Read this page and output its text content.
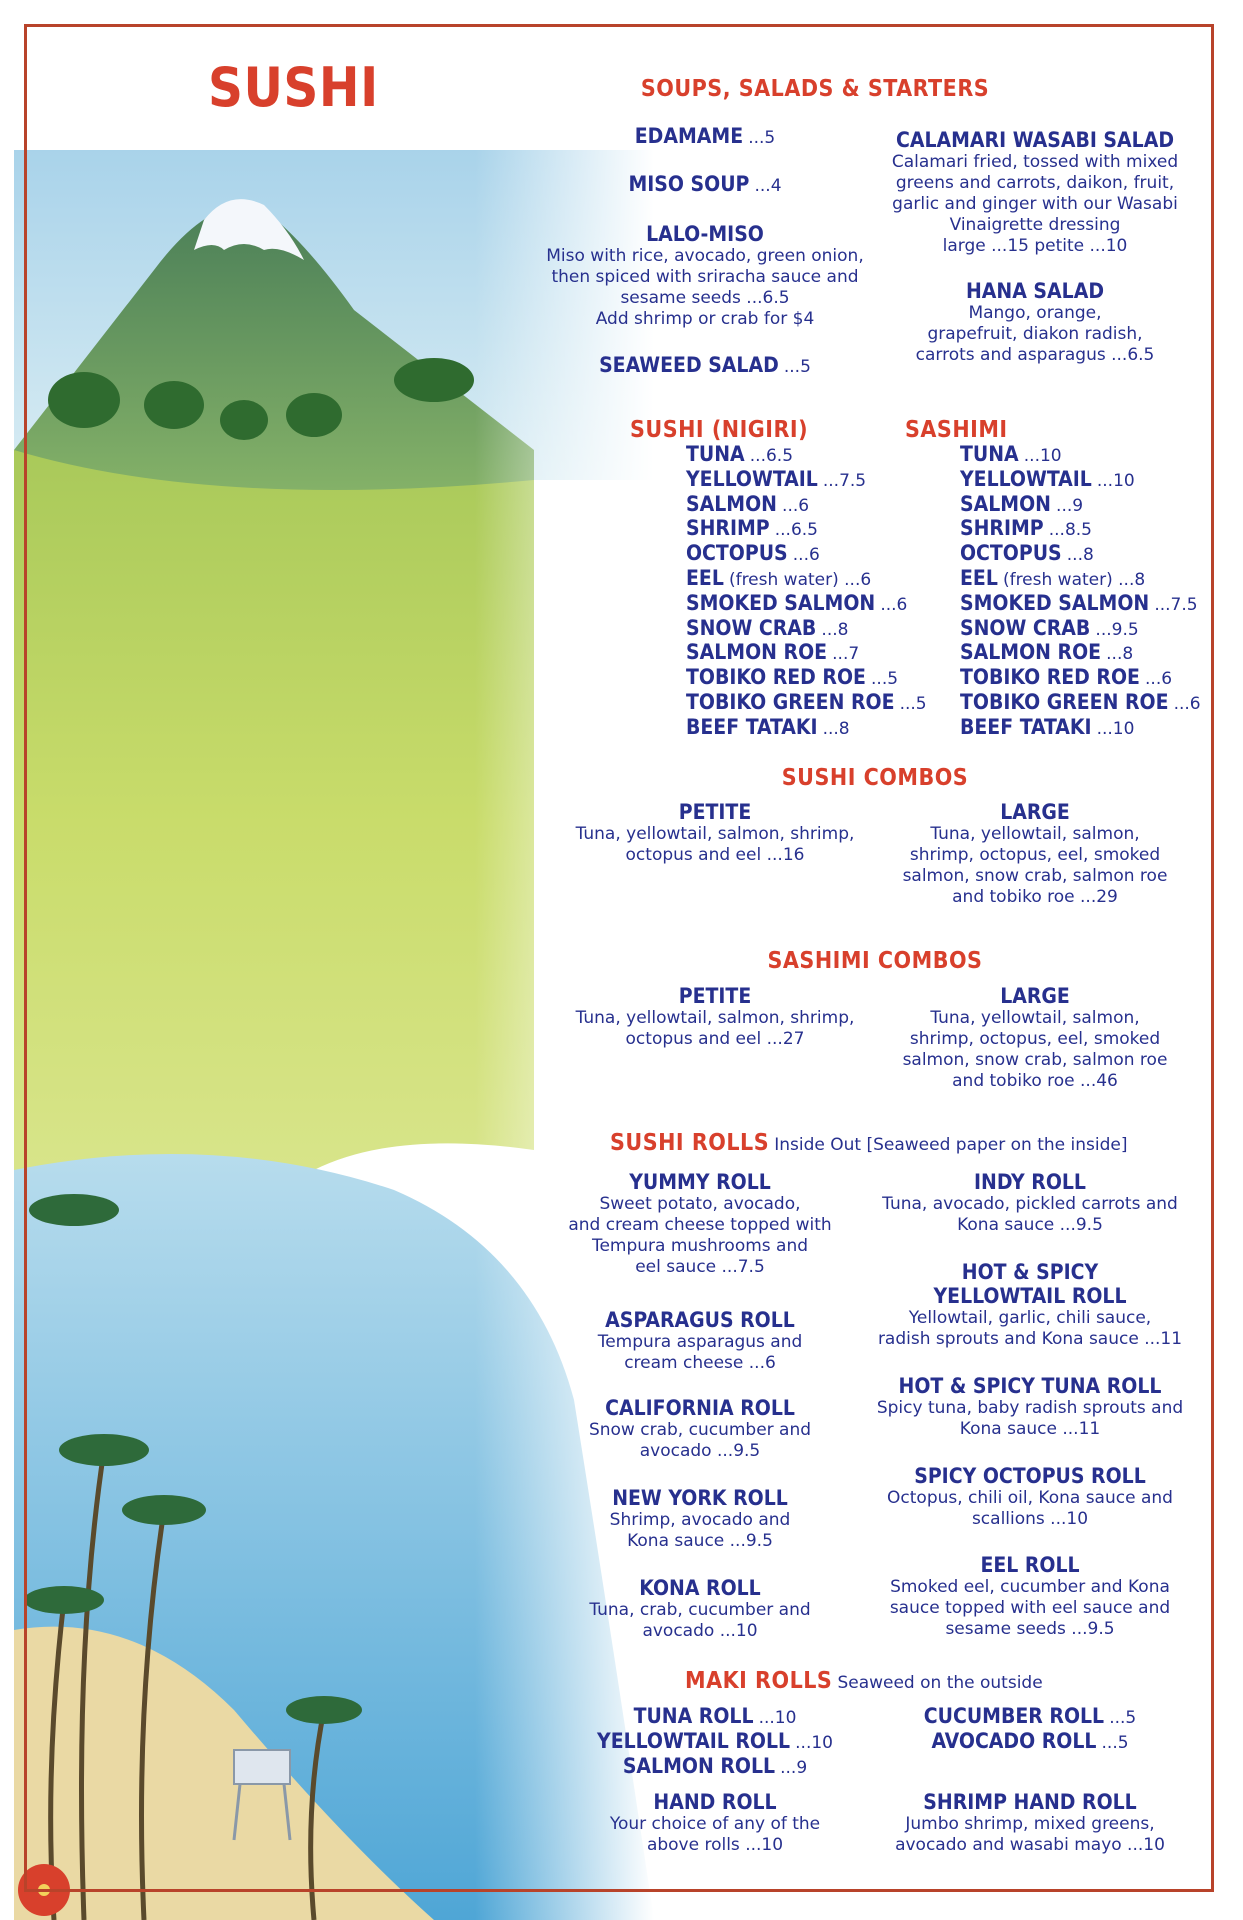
SUSHI	SOUPS, SALADS & STARTERS
EDAMAME ...5
MISO SOUP ...4
LALO-MISO
Miso with rice, avocado, green onion,
then spiced with sriracha sauce and
sesame seeds ...6.5
Add shrimp or crab for $4
SEAWEED SALAD ...5
CALAMARI WASABI SALAD
Calamari fried, tossed with mixed
greens and carrots, daikon, fruit,
garlic and ginger with our Wasabi
Vinaigrette dressing
large ...15 petite ...10
HANA SALAD
Mango, orange,
grapefruit, diakon radish,
carrots and asparagus ...6.5
SUSHI (NIGIRI)
TUNA ...6.5
YELLOWTAIL ...7.5
SALMON ...6
SHRIMP ...6.5
OCTOPUS ...6
EEL (fresh water) ...6
SMOKED SALMON ...6
SNOW CRAB ...8
SALMON ROE ...7
TOBIKO RED ROE ...5
TOBIKO GREEN ROE ...5
BEEF TATAKI ...8
SASHIMI
TUNA ...10
YELLOWTAIL ...10
SALMON ...9
SHRIMP ...8.5
OCTOPUS ...8
EEL (fresh water) ...8
SMOKED SALMON ...7.5
SNOW CRAB ...9.5
SALMON ROE ...8
TOBIKO RED ROE ...6
TOBIKO GREEN ROE ...6
BEEF TATAKI ...10
SUSHI COMBOS
PETITE
Tuna, yellowtail, salmon, shrimp,
octopus and eel ...16
LARGE
Tuna, yellowtail, salmon,
shrimp, octopus, eel, smoked
salmon, snow crab, salmon roe
and tobiko roe ...29
SASHIMI COMBOS
PETITE
Tuna, yellowtail, salmon, shrimp,
octopus and eel ...27
LARGE
Tuna, yellowtail, salmon,
shrimp, octopus, eel, smoked
salmon, snow crab, salmon roe
and tobiko roe ...46
SUSHI ROLLS Inside Out [Seaweed paper on the inside]
YUMMY ROLL
Sweet potato, avocado,
and cream cheese topped with
Tempura mushrooms and
eel sauce ...7.5
ASPARAGUS ROLL
Tempura asparagus and
cream cheese ...6
CALIFORNIA ROLL
Snow crab, cucumber and
avocado ...9.5
NEW YORK ROLL
Shrimp, avocado and
Kona sauce ...9.5
KONA ROLL
Tuna, crab, cucumber and
avocado ...10
INDY ROLL
Tuna, avocado, pickled carrots and
Kona sauce ...9.5
HOT & SPICY
YELLOWTAIL ROLL
Yellowtail, garlic, chili sauce,
radish sprouts and Kona sauce ...11
HOT & SPICY TUNA ROLL
Spicy tuna, baby radish sprouts and
Kona sauce ...11
SPICY OCTOPUS ROLL
Octopus, chili oil, Kona sauce and
scallions ...10
EEL ROLL
Smoked eel, cucumber and Kona
sauce topped with eel sauce and
sesame seeds ...9.5
MAKI ROLLS Seaweed on the outside
TUNA ROLL ...10
YELLOWTAIL ROLL ...10
SALMON ROLL ...9
CUCUMBER ROLL ...5
AVOCADO ROLL ...5
HAND ROLL
Your choice of any of the
above rolls ...10
SHRIMP HAND ROLL
Jumbo shrimp, mixed greens,
avocado and wasabi mayo ...10
